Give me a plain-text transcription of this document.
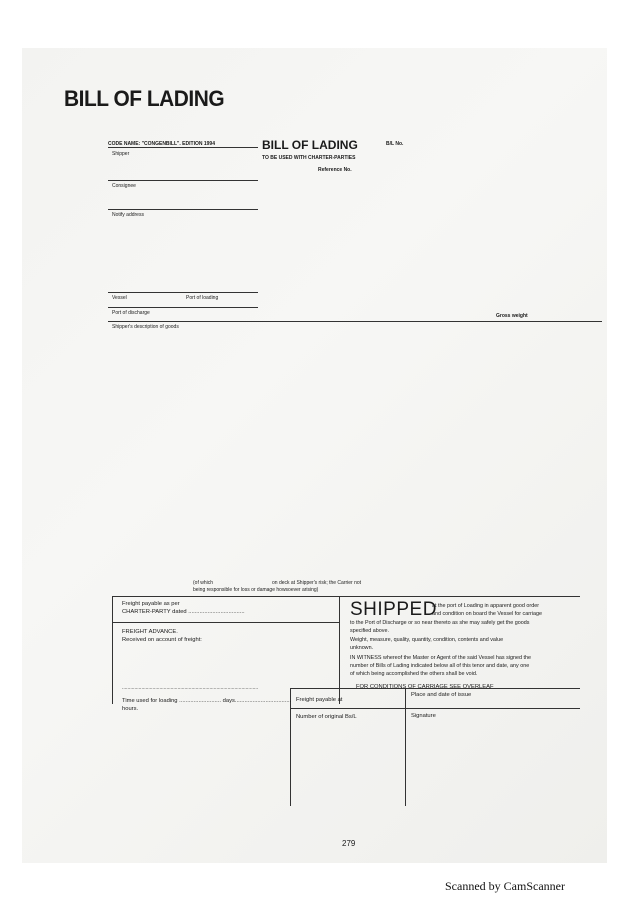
BILL OF LADING
CODE NAME: "CONGENBILL". EDITION 1994	BILL OF LADING	B/L No.
TO BE USED WITH CHARTER-PARTIES
Reference No.
Shipper
Consignee
Notify address
Vessel	Port of loading
Port of discharge
Shipper's description of goods
Gross weight
(of which	on deck at Shipper's risk; the Carrier not
being responsible for loss or damage howsoever arising)
Freight payable as per
CHARTER-PARTY dated ...................................
FREIGHT ADVANCE.
Received on account of freight:
..................................................................................................
Time used for loading .......................... days...................................
hours.
SHIPPED
at the port of Loading in apparent good order
and condition on board the Vessel for carriage
to the Port of Discharge or so near thereto as she may safely get the goods
specified above.
Weight, measure, quality, quantity, condition, contents and value
unknown.
IN WITNESS whereof the Master or Agent of the said Vessel has signed the
number of Bills of Lading indicated below all of this tenor and date, any one
of which being accomplished the others shall be void.
FOR CONDITIONS OF CARRIAGE SEE OVERLEAF
Freight payable at
Place and date of issue
Number of original Bs/L	Signature
279
Scanned by CamScanner
